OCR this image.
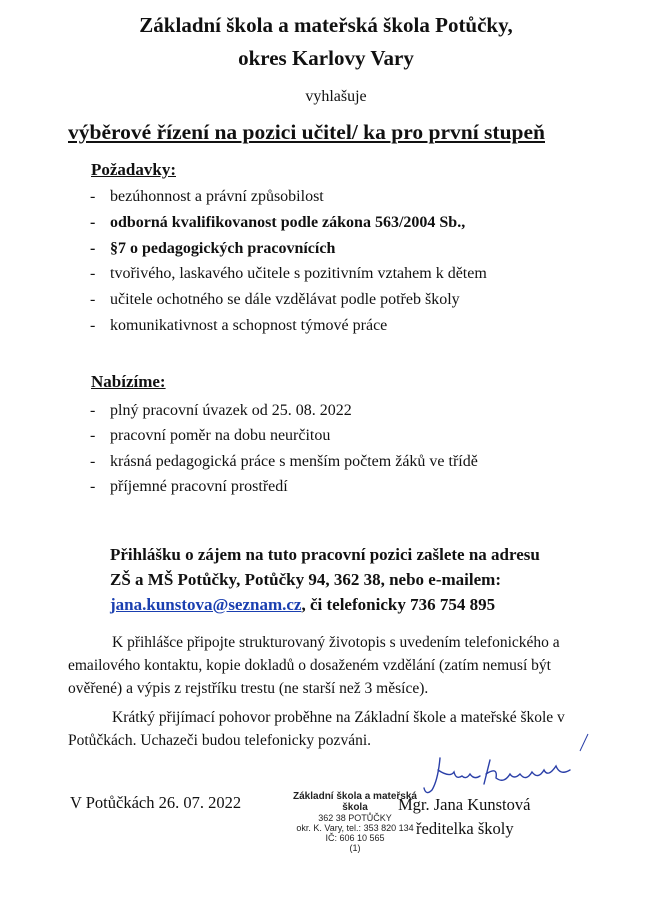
Základní škola a mateřská škola Potůčky,
okres Karlovy Vary
vyhlašuje
výběrové řízení na pozici učitel/ ka pro první stupeň
Požadavky:
- bezúhonnost a právní způsobilost
- odborná kvalifikovanost podle zákona 563/2004 Sb.,
- §7 o pedagogických pracovnících
- tvořivého, laskavého učitele s pozitivním vztahem k dětem
- učitele ochotného se dále vzdělávat podle potřeb školy
- komunikativnost a schopnost týmové práce
Nabízíme:
- plný pracovní úvazek od 25. 08. 2022
- pracovní poměr na dobu neurčitou
- krásná pedagogická práce s menším počtem žáků ve třídě
- příjemné pracovní prostředí
Přihlášku o zájem na tuto pracovní pozici zašlete na adresu
ZŠ a MŠ Potůčky, Potůčky 94, 362 38, nebo e-mailem:
jana.kunstova@seznam.cz, či telefonicky 736 754 895
K přihlášce připojte strukturovaný životopis s uvedením telefonického a emailového kontaktu, kopie dokladů o dosaženém vzdělání (zatím nemusí být ověřené) a výpis z rejstříku trestu (ne starší než 3 měsíce).
Krátký přijímací pohovor proběhne na Základní škole a mateřské škole v Potůčkách. Uchazeči budou telefonicky pozváni.
V Potůčkách 26. 07. 2022	Základní škola a mateřská škola
362 38 POTŮČKY
okr. K. Vary, tel.: 353 820 134
IČ: 606 10 565
(1)
Mgr. Jana Kunstová
ředitelka školy
